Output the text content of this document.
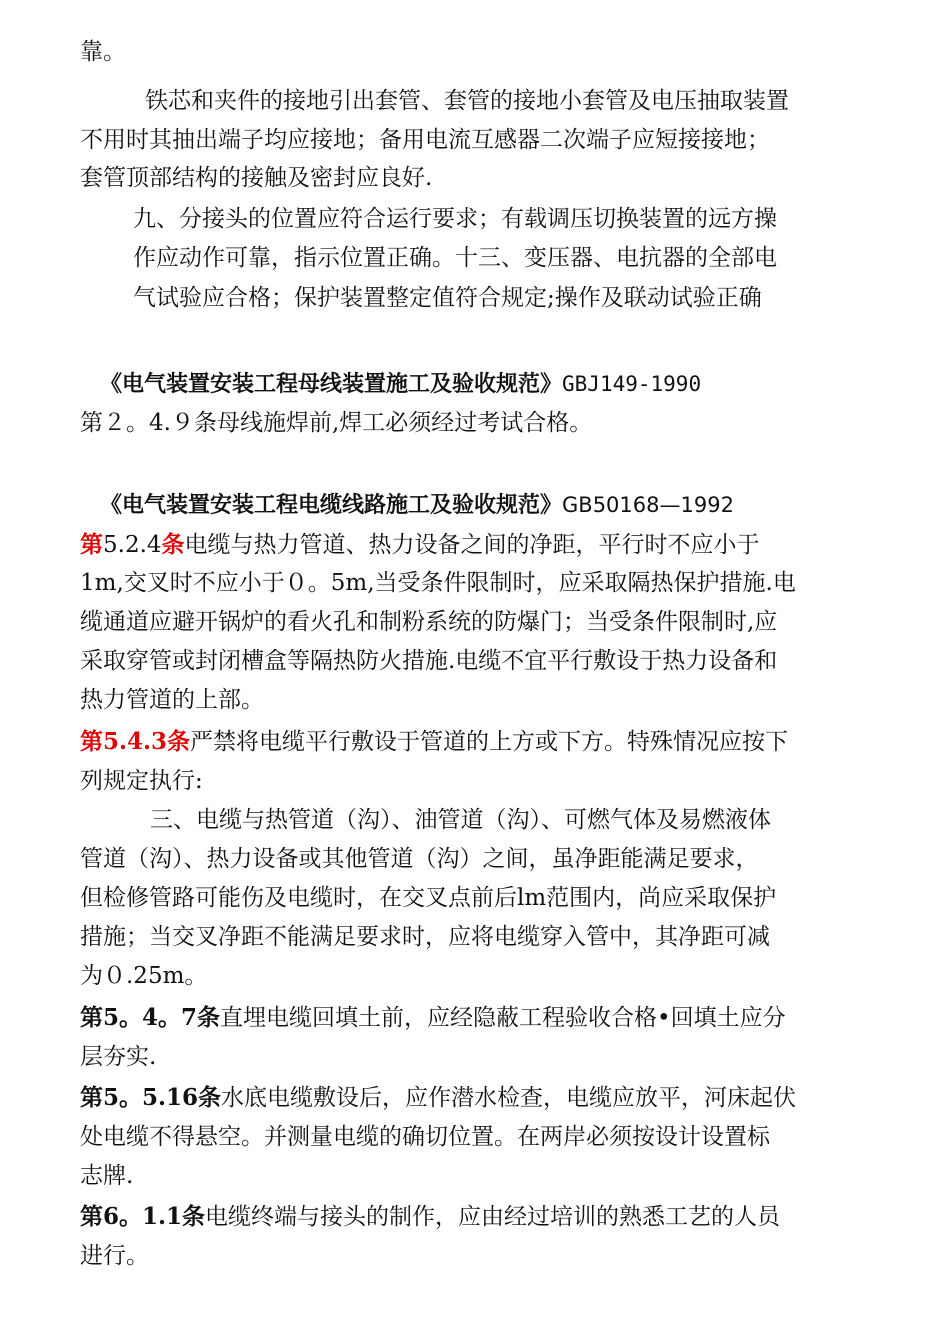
靠。
铁芯和夹件的接地引出套管、套管的接地小套管及电压抽取装置
不用时其抽出端子均应接地；备用电流互感器二次端子应短接接地；
套管顶部结构的接触及密封应良好.
九、分接头的位置应符合运行要求；有载调压切换装置的远方操
作应动作可靠，指示位置正确。十三、变压器、电抗器的全部电
气试验应合格；保护装置整定值符合规定;操作及联动试验正确
《电气装置安装工程母线装置施工及验收规范》GBJ149-1990
第２。4.９条母线施焊前,焊工必须经过考试合格。
《电气装置安装工程电缆线路施工及验收规范》GB50168—1992
第5.2.4条电缆与热力管道、热力设备之间的净距，平行时不应小于
1m,交叉时不应小于０。5m,当受条件限制时，应采取隔热保护措施.电
缆通道应避开锅炉的看火孔和制粉系统的防爆门；当受条件限制时,应
采取穿管或封闭槽盒等隔热防火措施.电缆不宜平行敷设于热力设备和
热力管道的上部。
第5.4.3条严禁将电缆平行敷设于管道的上方或下方。特殊情况应按下
列规定执行:
三、电缆与热管道（沟）、油管道（沟）、可燃气体及易燃液体
管道（沟）、热力设备或其他管道（沟）之间，虽净距能满足要求，
但检修管路可能伤及电缆时，在交叉点前后lm范围内，尚应采取保护
措施；当交叉净距不能满足要求时，应将电缆穿入管中，其净距可减
为０.25m。
第5。4。7条直埋电缆回填土前，应经隐蔽工程验收合格•回填土应分
层夯实.
第5。5.16条水底电缆敷设后，应作潜水检查，电缆应放平，河床起伏
处电缆不得悬空。并测量电缆的确切位置。在两岸必须按设计设置标
志牌.
第6。1.1条电缆终端与接头的制作，应由经过培训的熟悉工艺的人员
进行。
